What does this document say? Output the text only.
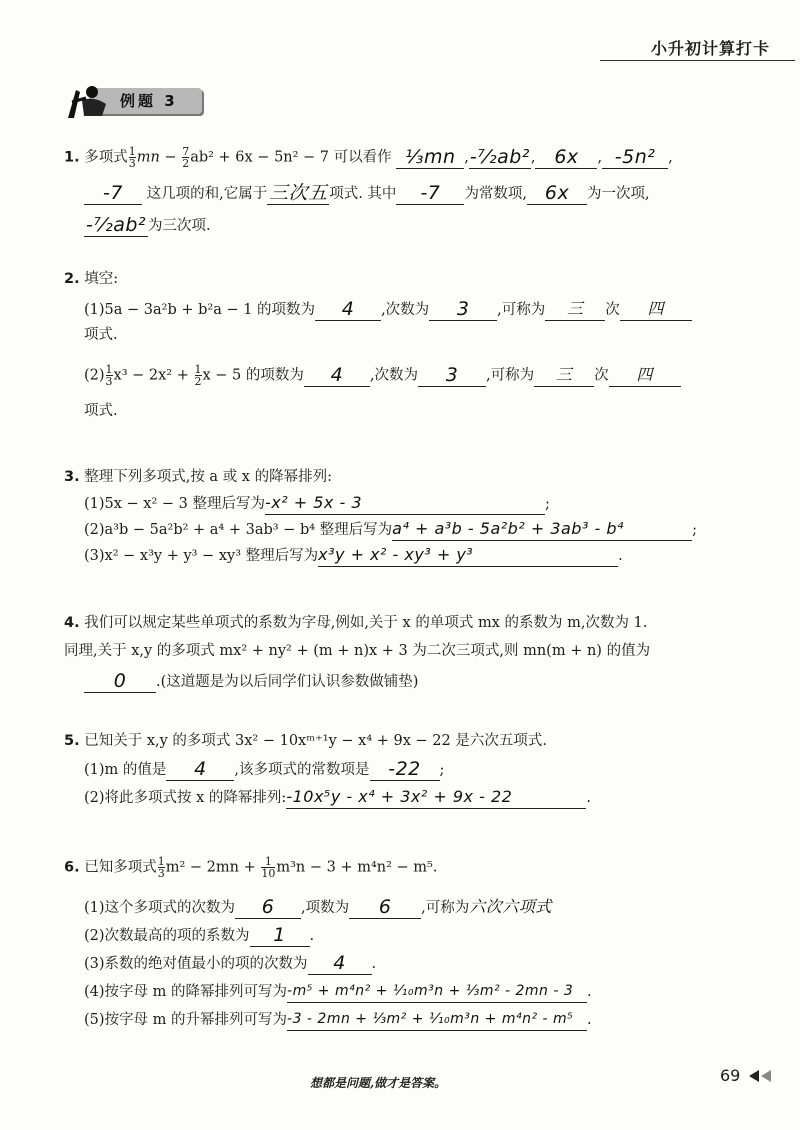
小升初计算打卡
例题 3
1. 多项式 $\frac{1}{3}$ mn − $\frac{7}{2} ab^2 + 6x - 5n^2 - 7$ 可以看作 ⅓mn ,-⁷⁄₂ab², 6x , -5n² ,
-7 这几项的和,它属于三次五 项式. 其中 -7 为常数项, 6x 为一次项,
-⁷⁄₂ab² 为三次项.
2. 填空:
(1)5a − 3a²b + b²a − 1 的项数为 4 ,次数为 3 ,可称为 三 次 四
项式.
$(2) \frac{1}{3} x^3 - 2x^2 + \frac{1}{2}$ x − 5 的项数为 4 ,次数为 3 ,可称为 三 次 四
项式.
3. 整理下列多项式,按 a 或 x 的降幂排列:
(1)5x − x² − 3 整理后写为-x² + 5x - 3	;
(2)a³b − 5a²b² + a⁴ + 3ab³ − b⁴ 整理后写为a⁴ + a³b - 5a²b² + 3ab³ - b⁴	;
(3)x² − x³y + y³ − xy³ 整理后写为x³y + x² - xy³ + y³	.
4. 我们可以规定某些单项式的系数为字母,例如,关于 x 的单项式 mx 的系数为 m,次数为 1.
同理,关于 x,y 的多项式 mx² + ny² + (m + n)x + 3 为二次三项式,则 mn(m + n) 的值为
0 .(这道题是为以后同学们认识参数做铺垫)
5. 已知关于 x,y 的多项式 3x² − 10xᵐ⁺¹y − x⁴ + 9x − 22 是六次五项式.
(1)m 的值是 4 ,该多项式的常数项是 -22 ;
(2)将此多项式按 x 的降幂排列:-10x⁵y - x⁴ + 3x² + 9x - 22	.
6. 已知多项式 $\frac{1}{3} m^2 - 2mn + \frac{1}{10} m^3n - 3 + m^4n^2 - m^5$.
(1)这个多项式的次数为 6 ,项数为 6 ,可称为六次六项式
(2)次数最高的项的系数为 1 .
(3)系数的绝对值最小的项的次数为 4 .
(4)按字母 m 的降幂排列可写为-m⁵ + m⁴n² + ¹⁄₁₀m³n + ⅓m² - 2mn - 3 .
(5)按字母 m 的升幂排列可写为-3 - 2mn + ⅓m² + ¹⁄₁₀m³n + m⁴n² - m⁵ .
想都是问题,做才是答案。	69
